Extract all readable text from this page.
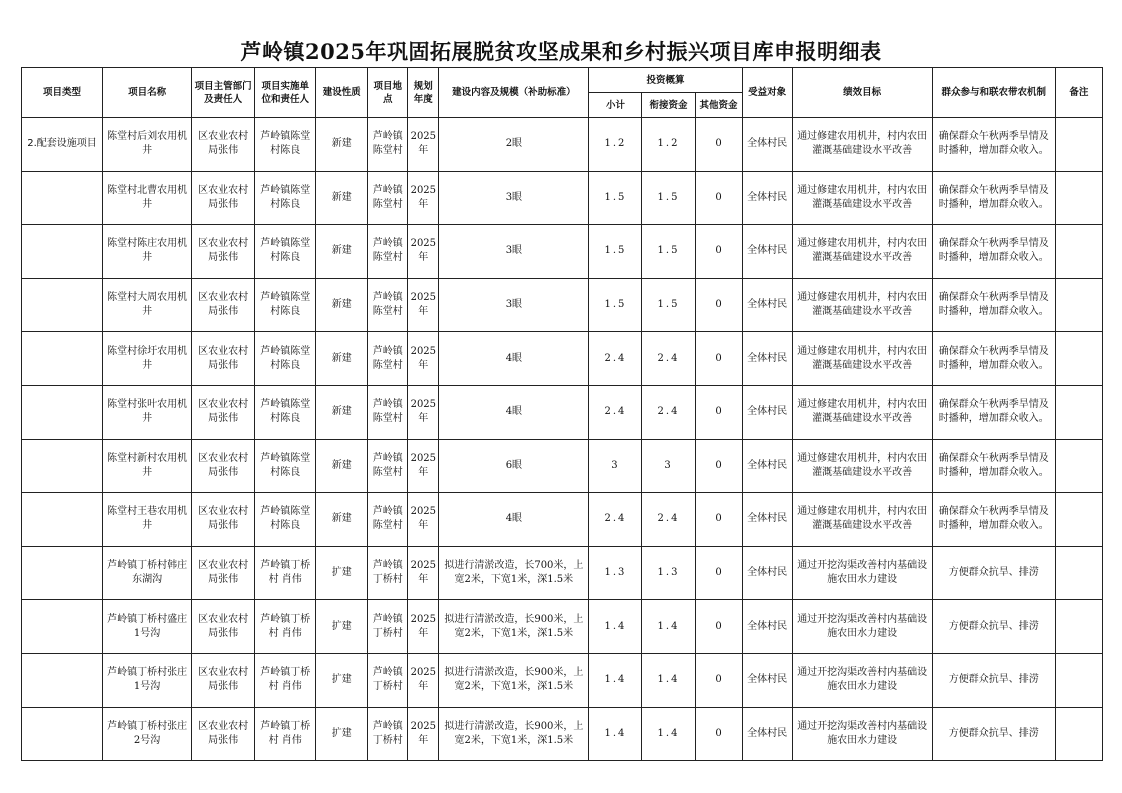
芦岭镇2025年巩固拓展脱贫攻坚成果和乡村振兴项目库申报明细表
项目类型	项目名称	项目主管部门及责任人	项目实施单位和责任人	建设性质	项目地点	规划年度	建设内容及规模（补助标准）	投资概算			受益对象	绩效目标	群众参与和联农带农机制	备注
								小计	衔接资金	其他资金				
2.配套设施项目	陈堂村后刘农用机井	区农业农村局张伟	芦岭镇陈堂村陈良	新建	芦岭镇陈堂村	2025年	2眼	1.2	1.2	0	全体村民	通过修建农用机井，村内农田灌溉基础建设水平改善	确保群众午秋两季旱情及时播种，增加群众收入。	
	陈堂村北曹农用机井	区农业农村局张伟	芦岭镇陈堂村陈良	新建	芦岭镇陈堂村	2025年	3眼	1.5	1.5	0	全体村民	通过修建农用机井，村内农田灌溉基础建设水平改善	确保群众午秋两季旱情及时播种，增加群众收入。	
	陈堂村陈庄农用机井	区农业农村局张伟	芦岭镇陈堂村陈良	新建	芦岭镇陈堂村	2025年	3眼	1.5	1.5	0	全体村民	通过修建农用机井，村内农田灌溉基础建设水平改善	确保群众午秋两季旱情及时播种，增加群众收入。	
	陈堂村大周农用机井	区农业农村局张伟	芦岭镇陈堂村陈良	新建	芦岭镇陈堂村	2025年	3眼	1.5	1.5	0	全体村民	通过修建农用机井，村内农田灌溉基础建设水平改善	确保群众午秋两季旱情及时播种，增加群众收入。	
	陈堂村徐圩农用机井	区农业农村局张伟	芦岭镇陈堂村陈良	新建	芦岭镇陈堂村	2025年	4眼	2.4	2.4	0	全体村民	通过修建农用机井，村内农田灌溉基础建设水平改善	确保群众午秋两季旱情及时播种，增加群众收入。	
	陈堂村张叶农用机井	区农业农村局张伟	芦岭镇陈堂村陈良	新建	芦岭镇陈堂村	2025年	4眼	2.4	2.4	0	全体村民	通过修建农用机井，村内农田灌溉基础建设水平改善	确保群众午秋两季旱情及时播种，增加群众收入。	
	陈堂村新村农用机井	区农业农村局张伟	芦岭镇陈堂村陈良	新建	芦岭镇陈堂村	2025年	6眼	3	3	0	全体村民	通过修建农用机井，村内农田灌溉基础建设水平改善	确保群众午秋两季旱情及时播种，增加群众收入。	
	陈堂村王巷农用机井	区农业农村局张伟	芦岭镇陈堂村陈良	新建	芦岭镇陈堂村	2025年	4眼	2.4	2.4	0	全体村民	通过修建农用机井，村内农田灌溉基础建设水平改善	确保群众午秋两季旱情及时播种，增加群众收入。	
	芦岭镇丁桥村韩庄东湖沟	区农业农村局张伟	芦岭镇丁桥村 肖伟	扩建	芦岭镇丁桥村	2025年	拟进行清淤改造，长700米，上宽2米，下宽1米，深1.5米	1.3	1.3	0	全体村民	通过开挖沟渠改善村内基础设施农田水力建设	方便群众抗旱、排涝	
	芦岭镇丁桥村盛庄1号沟	区农业农村局张伟	芦岭镇丁桥村 肖伟	扩建	芦岭镇丁桥村	2025年	拟进行清淤改造，长900米，上宽2米，下宽1米，深1.5米	1.4	1.4	0	全体村民	通过开挖沟渠改善村内基础设施农田水力建设	方便群众抗旱、排涝	
	芦岭镇丁桥村张庄1号沟	区农业农村局张伟	芦岭镇丁桥村 肖伟	扩建	芦岭镇丁桥村	2025年	拟进行清淤改造，长900米，上宽2米，下宽1米，深1.5米	1.4	1.4	0	全体村民	通过开挖沟渠改善村内基础设施农田水力建设	方便群众抗旱、排涝	
	芦岭镇丁桥村张庄2号沟	区农业农村局张伟	芦岭镇丁桥村 肖伟	扩建	芦岭镇丁桥村	2025年	拟进行清淤改造，长900米，上宽2米，下宽1米，深1.5米	1.4	1.4	0	全体村民	通过开挖沟渠改善村内基础设施农田水力建设	方便群众抗旱、排涝	
